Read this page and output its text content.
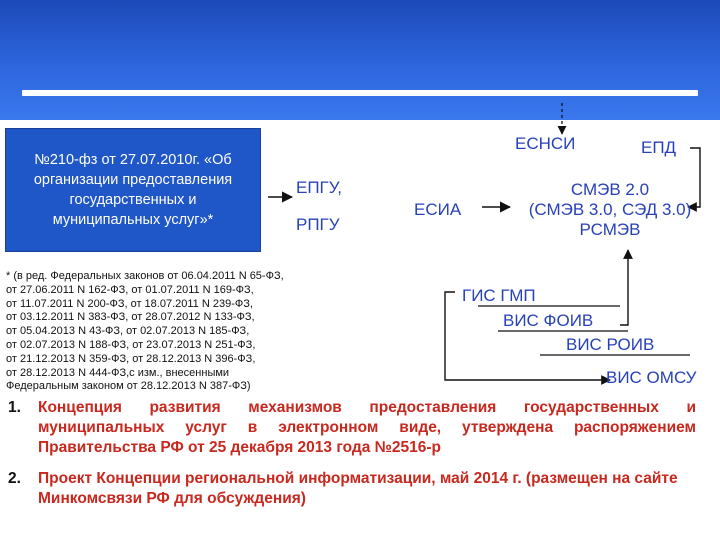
№210-фз от 27.07.2010г. «Об организации предоставления государственных и муниципальных услуг»*
* (в ред. Федеральных законов от 06.04.2011 N 65-ФЗ,
от 27.06.2011 N 162-ФЗ, от 01.07.2011 N 169-ФЗ,
от 11.07.2011 N 200-ФЗ, от 18.07.2011 N 239-ФЗ,
от 03.12.2011 N 383-ФЗ, от 28.07.2012 N 133-ФЗ,
от 05.04.2013 N 43-ФЗ, от 02.07.2013 N 185-ФЗ,
от 02.07.2013 N 188-ФЗ, от 23.07.2013 N 251-ФЗ,
от 21.12.2013 N 359-ФЗ, от 28.12.2013 N 396-ФЗ,
от 28.12.2013 N 444-ФЗ,с изм., внесенными
Федеральным законом от 28.12.2013 N 387-ФЗ)
ЕПГУ,
РПГУ
ЕСИА
ЕСНСИ	ЕПД
СМЭВ 2.0
(СМЭВ 3.0, СЭД 3.0)
РСМЭВ
ГИС ГМП
ВИС ФОИВ
ВИС РОИВ
ВИС ОМСУ
1. Концепция развития механизмов предоставления государственных и муниципальных услуг в электронном виде, утверждена распоряжением Правительства РФ от 25 декабря 2013 года №2516-р
2. Проект Концепции региональной информатизации, май 2014 г. (размещен на сайте Минкомсвязи РФ для обсуждения)
